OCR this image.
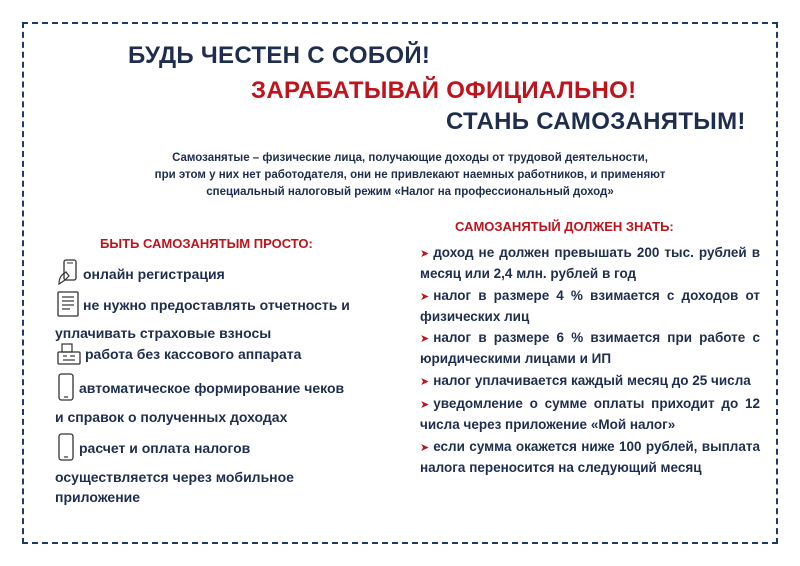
БУДЬ ЧЕСТЕН С СОБОЙ!
ЗАРАБАТЫВАЙ ОФИЦИАЛЬНО!
СТАНЬ САМОЗАНЯТЫМ!
Самозанятые – физические лица, получающие доходы от трудовой деятельности,
при этом у них нет работодателя, они не привлекают наемных работников, и применяют
специальный налоговый режим «Налог на профессиональный доход»
БЫТЬ САМОЗАНЯТЫМ ПРОСТО:
онлайн регистрация
не нужно предоставлять отчетность и
уплачивать страховые взносы
работа без кассового аппарата
автоматическое формирование чеков
и справок о полученных доходах
расчет и оплата налогов
осуществляется через мобильное
приложение
САМОЗАНЯТЫЙ ДОЛЖЕН ЗНАТЬ:
➤ доход не должен превышать 200 тыс. рублей в месяц или 2,4 млн. рублей в год
➤ налог в размере 4 % взимается с доходов от физических лиц
➤ налог в размере 6 % взимается при работе с юридическими лицами и ИП
➤ налог уплачивается каждый месяц до 25 числа
➤ уведомление о сумме оплаты приходит до 12 числа через приложение «Мой налог»
➤ если сумма окажется ниже 100 рублей, выплата налога переносится на следующий месяц
